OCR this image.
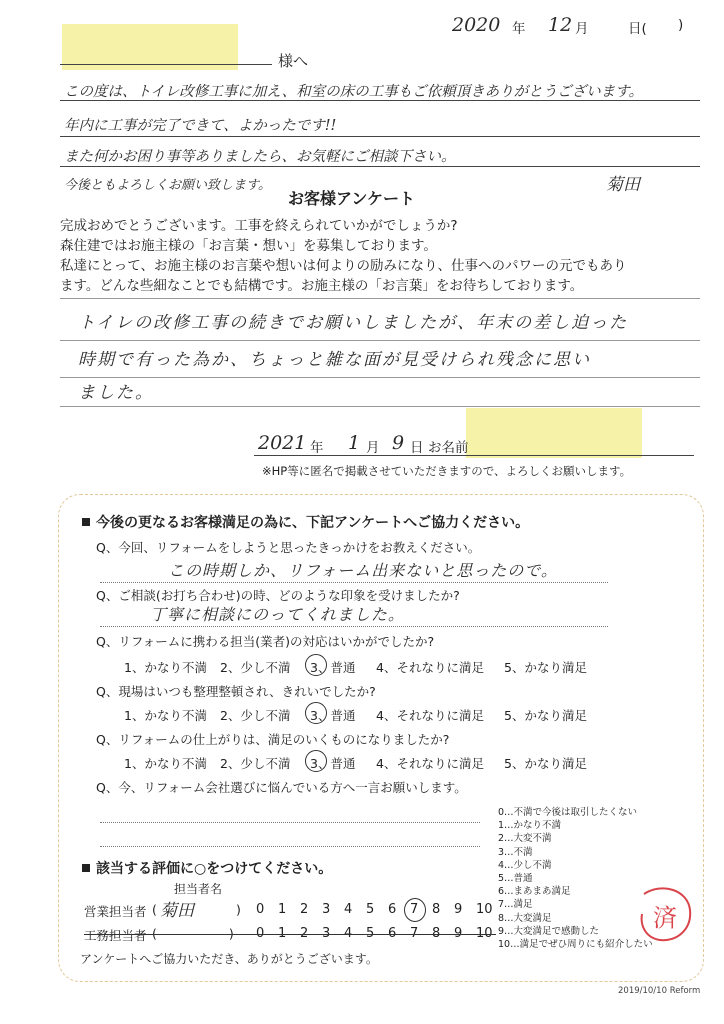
2020 年 12 月	日( )
様へ
この度は、トイレ改修工事に加え、和室の床の工事もご依頼頂きありがとうございます。
年内に工事が完了できて、よかったです!!
また何かお困り事等ありましたら、お気軽にご相談下さい。
今後ともよろしくお願い致します。	菊田
お客様アンケート
完成おめでとうございます。工事を終えられていかがでしょうか?
森住建ではお施主様の「お言葉・想い」を募集しております。
私達にとって、お施主様のお言葉や想いは何よりの励みになり、仕事へのパワーの元でもあり
ます。どんな些細なことでも結構です。お施主様の「お言葉」をお待ちしております。
トイレの改修工事の続きでお願いしましたが、年末の差し迫った
時期で有った為か、ちょっと雑な面が見受けられ残念に思い
ました。
2021 年 1 月 9 日 お名前
※HP等に匿名で掲載させていただきますので、よろしくお願いします。
今後の更なるお客様満足の為に、下記アンケートへご協力ください。
Q、今回、リフォームをしようと思ったきっかけをお教えください。
この時期しか、リフォーム出来ないと思ったので。
Q、ご相談(お打ち合わせ)の時、どのような印象を受けましたか?
丁寧に相談にのってくれました。
Q、リフォームに携わる担当(業者)の対応はいかがでしたか?
1、かなり不満 2、少し不満 3、普通 4、それなりに満足 5、かなり満足
Q、現場はいつも整理整頓され、きれいでしたか?
1、かなり不満 2、少し不満 3、普通 4、それなりに満足 5、かなり満足
Q、リフォームの仕上がりは、満足のいくものになりましたか?
1、かなり不満 2、少し不満 3、普通 4、それなりに満足 5、かなり満足
Q、今、リフォーム会社選びに悩んでいる方へ一言お願いします。
0…不満で今後は取引したくない
1…かなり不満
2…大変不満
3…不満
4…少し不満
5…普通
6…まあまあ満足
7…満足
8…大変満足
9…大変満足で感動した
10…満足でぜひ周りにも紹介したい
該当する評価に○をつけてください。
担当者名
営業担当者 ( 菊田	) 0 1 2 3 4 5 6 7 8 9 10
工務担当者 (	) 0 1 2 3 4 5 6 7 8 9 10
アンケートへご協力いただき、ありがとうございます。
済
2019/10/10 Reform
